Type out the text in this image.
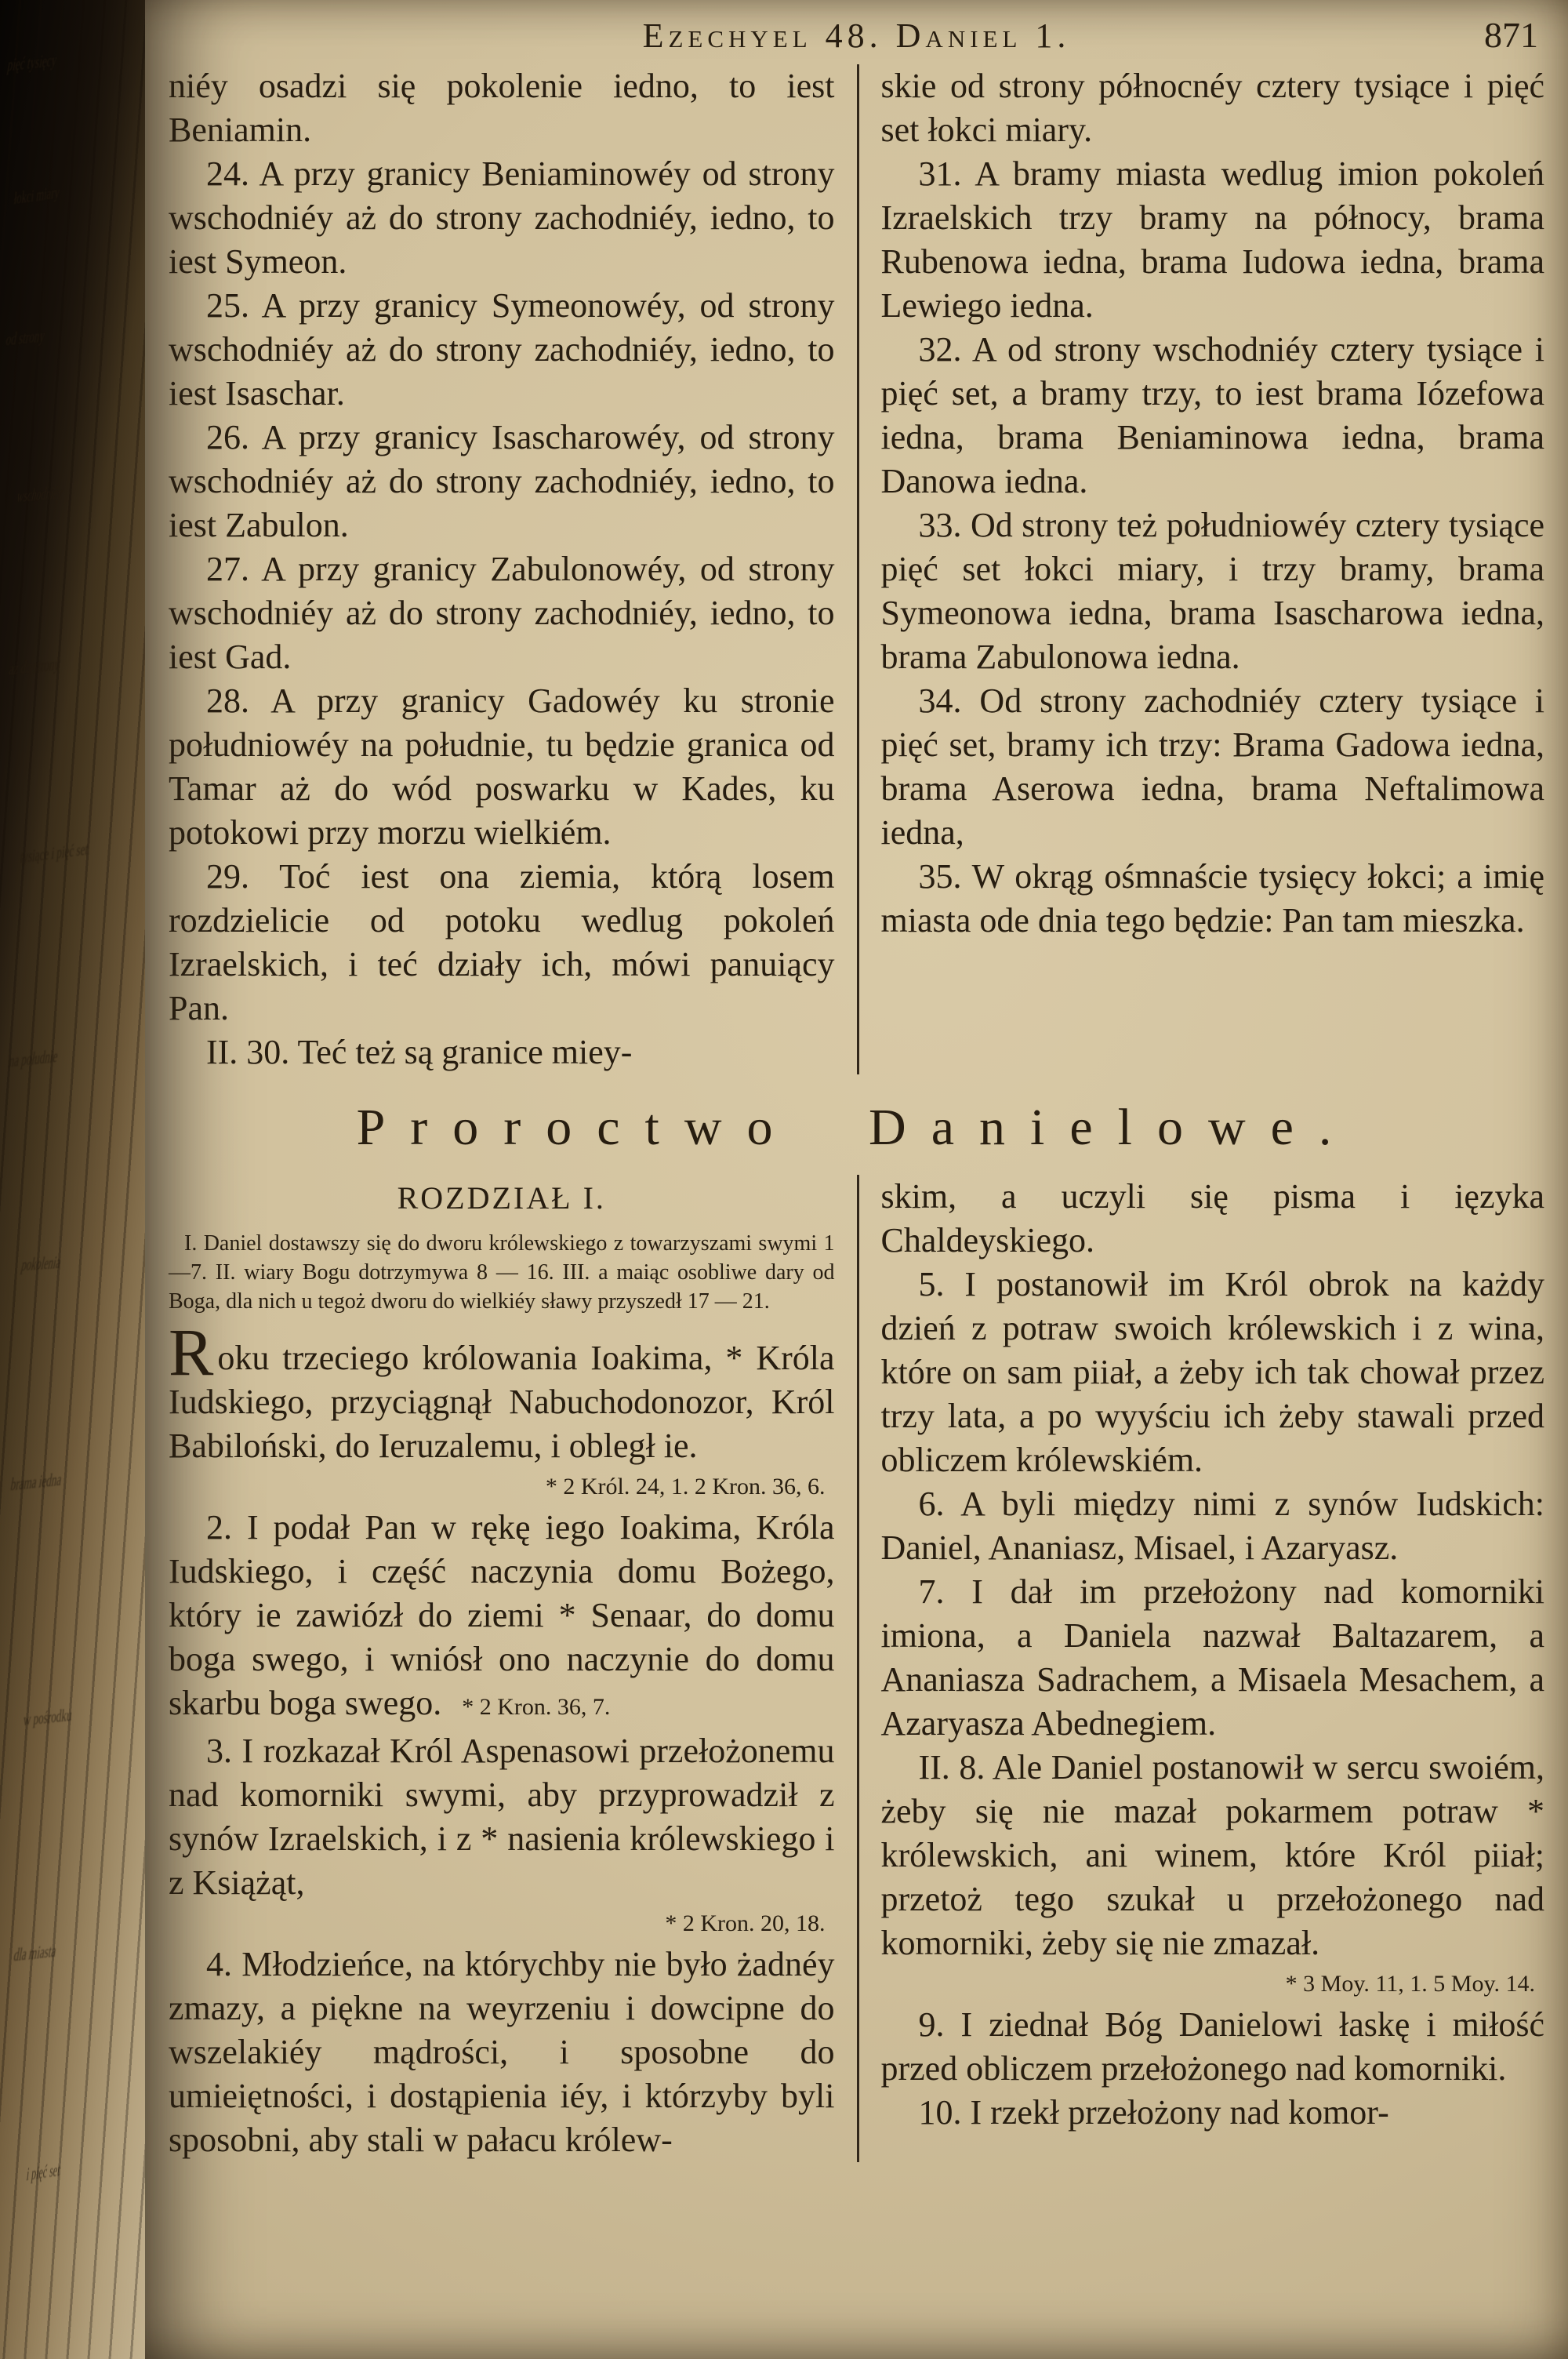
pięć tysięcy
łokci miary
od strony
wschodniéy
aż do strony
tysiące i pięć set
na południe
pokolenia
brama iedna
w pośrodku
dla miasta
i pięć set
Ezechyel 48. Daniel 1.	871

niéy osadzi się pokolenie iedno, to iest Beniamin.

24. A przy granicy Beniaminowéy od strony wschodniéy aż do strony zachodniéy, iedno, to iest Symeon.

25. A przy granicy Symeonowéy, od strony wschodniéy aż do strony zachodniéy, iedno, to iest Isaschar.

26. A przy granicy Isascharowéy, od strony wschodniéy aż do strony zachodniéy, iedno, to iest Zabulon.

27. A przy granicy Zabulonowéy, od strony wschodniéy aż do strony zachodniéy, iedno, to iest Gad.

28. A przy granicy Gadowéy ku stronie południowéy na południe, tu będzie granica od Tamar aż do wód poswarku w Kades, ku potokowi przy morzu wielkiém.

29. Toć iest ona ziemia, którą losem rozdzielicie od potoku wedlug pokoleń Izraelskich, i teć działy ich, mówi panuiący Pan.

II. 30. Teć też są granice miey-

skie od strony północnéy cztery tysiące i pięć set łokci miary.

31. A bramy miasta wedlug imion pokoleń Izraelskich trzy bramy na północy, brama Rubenowa iedna, brama Iudowa iedna, brama Lewiego iedna.

32. A od strony wschodniéy cztery tysiące i pięć set, a bramy trzy, to iest brama Iózefowa iedna, brama Beniaminowa iedna, brama Danowa iedna.

33. Od strony też południowéy cztery tysiące pięć set łokci miary, i trzy bramy, brama Symeonowa iedna, brama Isascharowa iedna, brama Zabulonowa iedna.

34. Od strony zachodniéy cztery tysiące i pięć set, bramy ich trzy: Brama Gadowa iedna, brama Aserowa iedna, brama Neftalimowa iedna,

35. W okrąg ośmnaście tysięcy łokci; a imię miasta ode dnia tego będzie: Pan tam mieszka.

Proroctwo Danielowe.
ROZDZIAŁ I.

I. Daniel dostawszy się do dworu królewskiego z towarzyszami swymi 1—7. II. wiary Bogu dotrzymywa 8 — 16. III. a maiąc osobliwe dary od Boga, dla nich u tegoż dworu do wielkiéy sławy przyszedł 17 — 21.

Roku trzeciego królowania Ioakima, * Króla Iudskiego, przyciągnął Nabuchodonozor, Król Babiloński, do Ieruzalemu, i obległ ie.

* 2 Król. 24, 1. 2 Kron. 36, 6.

2. I podał Pan w rękę iego Ioakima, Króla Iudskiego, i część naczynia domu Bożego, który ie zawiózł do ziemi * Senaar, do domu boga swego, i wniósł ono naczynie do domu skarbu boga swego. * 2 Kron. 36, 7.

3. I rozkazał Król Aspenasowi przełożonemu nad komorniki swymi, aby przyprowadził z synów Izraelskich, i z * nasienia królewskiego i z Książąt,

* 2 Kron. 20, 18.

4. Młodzieńce, na którychby nie było żadnéy zmazy, a piękne na weyrzeniu i dowcipne do wszelakiéy mądrości, i sposobne do umieiętności, i dostąpienia iéy, i którzyby byli sposobni, aby stali w pałacu królew-

skim, a uczyli się pisma i ięzyka Chaldeyskiego.

5. I postanowił im Król obrok na każdy dzień z potraw swoich królewskich i z wina, które on sam piiał, a żeby ich tak chował przez trzy lata, a po wyyściu ich żeby stawali przed obliczem królewskiém.

6. A byli między nimi z synów Iudskich: Daniel, Ananiasz, Misael, i Azaryasz.

7. I dał im przełożony nad komorniki imiona, a Daniela nazwał Baltazarem, a Ananiasza Sadrachem, a Misaela Mesachem, a Azaryasza Abednegiem.

II. 8. Ale Daniel postanowił w sercu swoiém, żeby się nie mazał pokarmem potraw * królewskich, ani winem, które Król piiał; przetoż tego szukał u przełożonego nad komorniki, żeby się nie zmazał.

* 3 Moy. 11, 1. 5 Moy. 14.

9. I ziednał Bóg Danielowi łaskę i miłość przed obliczem przełożonego nad komorniki.

10. I rzekł przełożony nad komor-
